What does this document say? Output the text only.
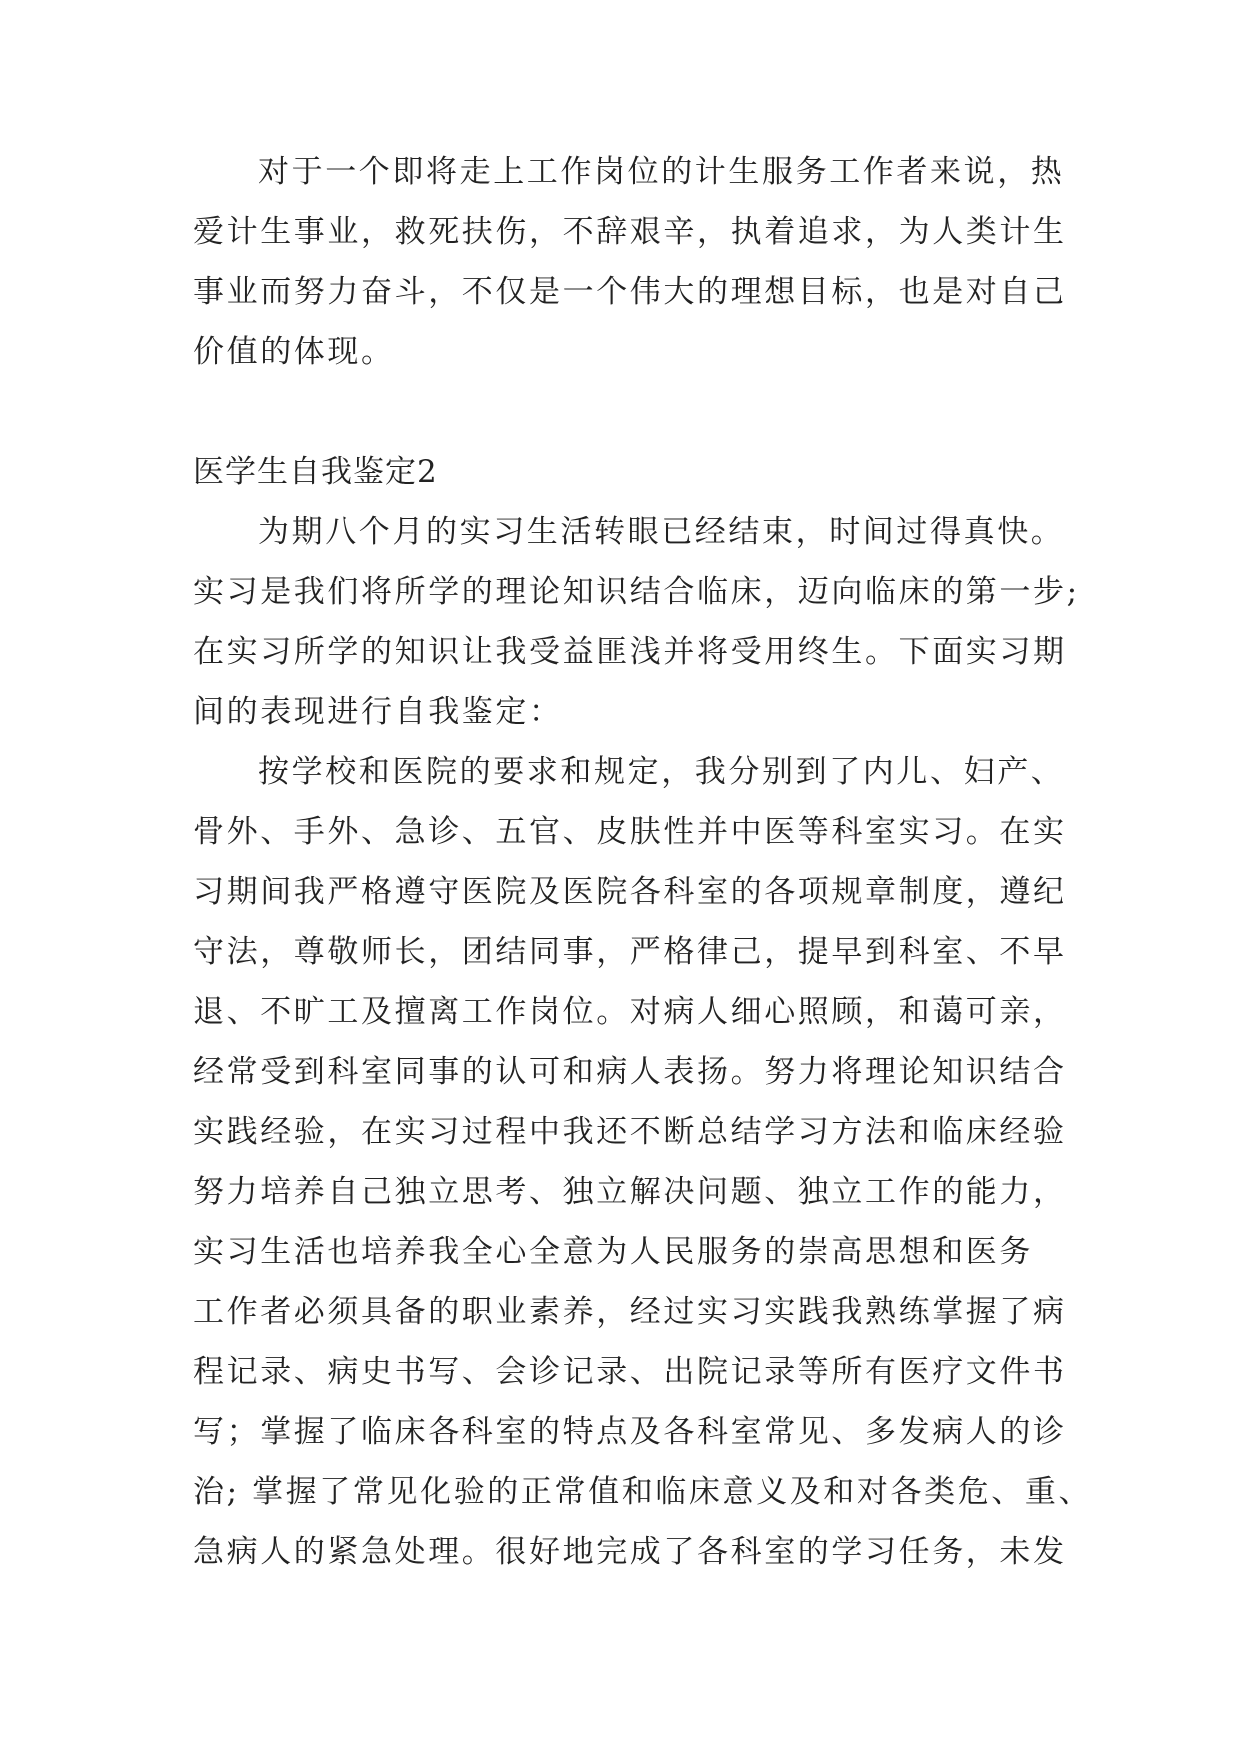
对于一个即将走上工作岗位的计生服务工作者来说，热
爱计生事业，救死扶伤，不辞艰辛，执着追求，为人类计生
事业而努力奋斗，不仅是一个伟大的理想目标，也是对自己
价值的体现。
医学生自我鉴定2
为期八个月的实习生活转眼已经结束，时间过得真快。
实习是我们将所学的理论知识结合临床，迈向临床的第一步;
在实习所学的知识让我受益匪浅并将受用终生。下面实习期
间的表现进行自我鉴定：
按学校和医院的要求和规定，我分别到了内儿、妇产、
骨外、手外、急诊、五官、皮肤性并中医等科室实习。在实
习期间我严格遵守医院及医院各科室的各项规章制度，遵纪
守法，尊敬师长，团结同事，严格律己，提早到科室、不早
退、不旷工及擅离工作岗位。对病人细心照顾，和蔼可亲，
经常受到科室同事的认可和病人表扬。努力将理论知识结合
实践经验，在实习过程中我还不断总结学习方法和临床经验
努力培养自己独立思考、独立解决问题、独立工作的能力，
实习生活也培养我全心全意为人民服务的崇高思想和医务
工作者必须具备的职业素养，经过实习实践我熟练掌握了病
程记录、病史书写、会诊记录、出院记录等所有医疗文件书
写；掌握了临床各科室的特点及各科室常见、多发病人的诊
治; 掌握了常见化验的正常值和临床意义及和对各类危、重、
急病人的紧急处理。很好地完成了各科室的学习任务，未发
